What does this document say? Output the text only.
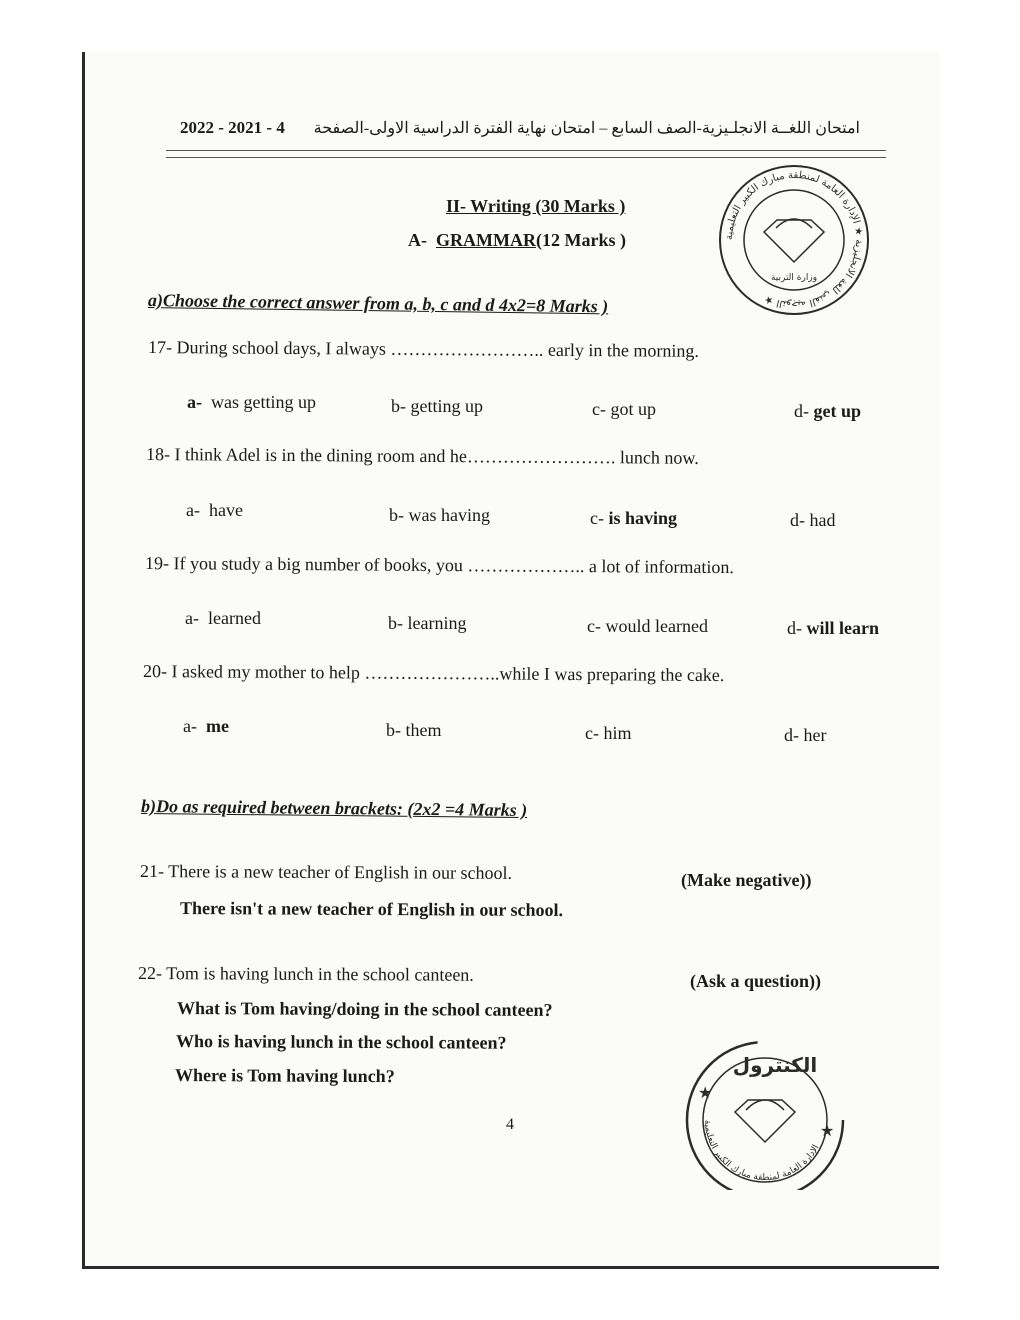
2022 - 2021 - 4 امتحان اللغــة الانجلـيزية-الصف السابع – امتحان نهاية الفترة الدراسية الاولى-الصفحة
التوجيه الفني للغة الانجليزية ★ الإدارة العامة لمنطقة مبارك الكبير التعليمية ★
وزارة التربية
II- Writing (30 Marks )
A- GRAMMAR(12 Marks )
a)Choose the correct answer from a, b, c and d 4x2=8 Marks )
17- During school days, I always …………………….. early in the morning.
a- was getting up	b- getting up	c- got up	d- get up
18- I think Adel is in the dining room and he……………………. lunch now.
a- have	b- was having	c- is having	d- had
19- If you study a big number of books, you ……………….. a lot of information.
a- learned	b- learning	c- would learned	d- will learn
20- I asked my mother to help …………………..while I was preparing the cake.
a- me	b- them	c- him	d- her
b)Do as required between brackets: (2x2 =4 Marks )
21- There is a new teacher of English in our school.	(Make negative))
There isn't a new teacher of English in our school.
22- Tom is having lunch in the school canteen.	(Ask a question))
What is Tom having/doing in the school canteen?
Who is having lunch in the school canteen?
Where is Tom having lunch?
4
الكنترول
★
★
الإدارة العامة لمنطقة مبارك الكبير التعليمية
